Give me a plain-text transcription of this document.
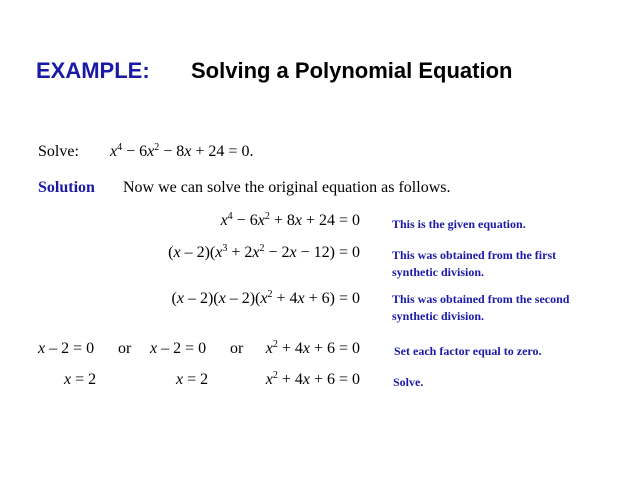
EXAMPLE: Solving a Polynomial Equation
Solve: $x^4 - 6x^2 - 8x + 24 = 0$.
Solution Now we can solve the original equation as follows.
$x^4 - 6x^2 + 8x + 24 = 0$	This is the given equation.
$(x - 2)(x^3 + 2x^2 - 2x - 12) = 0$	This was obtained from the first
synthetic division.
$(x - 2)(x - 2)(x^2 + 4x + 6) = 0$	This was obtained from the second
synthetic division.
x – 2 = 0 or x – 2 = 0 or $x^2 + 4x + 6 = 0$	Set each factor equal to zero.
x = 2	x = 2	$x^2 + 4x + 6 = 0$	Solve.
